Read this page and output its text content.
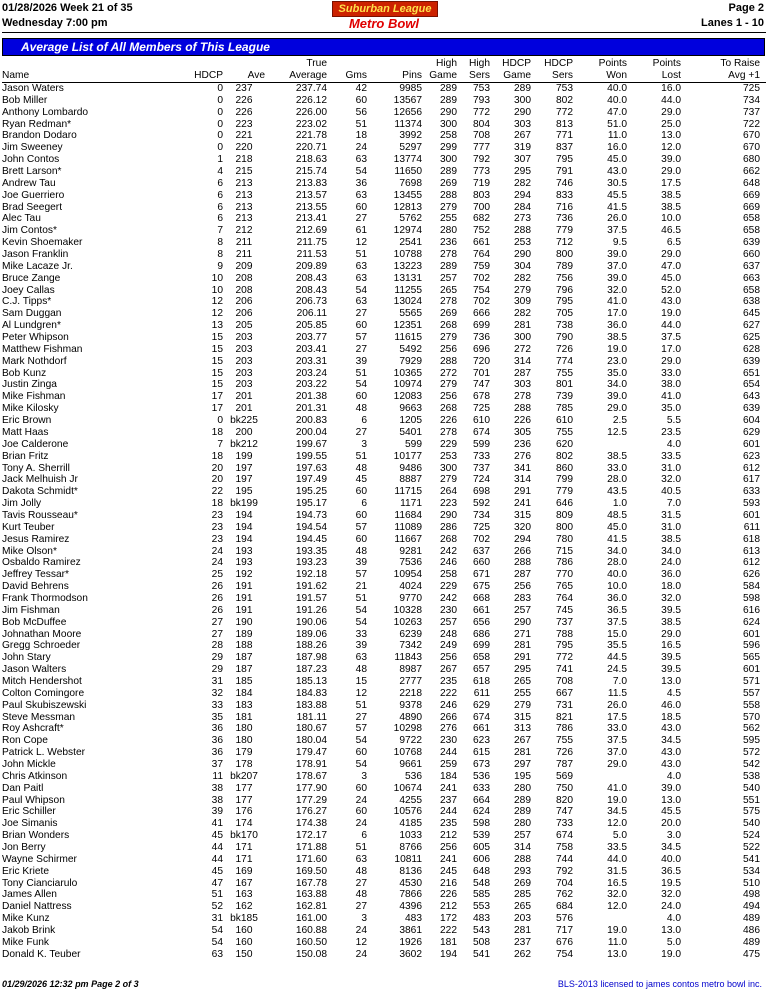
01/28/2026 Week 21 of 35
Wednesday 7:00 pm
Suburban League
Metro Bowl
Page 2
Lanes 1 - 10
Average List of All Members of This League
Name	HDCP	Ave	True
Average	Gms	Pins	High
Game	High
Sers	HDCP
Game	HDCP
Sers	Points
Won	Points
Lost	To Raise
Avg +1
Jason Waters	0	237	237.74	42	9985	289	753	289	753	40.0	16.0	725
Bob Miller	0	226	226.12	60	13567	289	793	300	802	40.0	44.0	734
Anthony Lombardo	0	226	226.00	56	12656	290	772	290	772	47.0	29.0	737
Ryan Redman*	0	223	223.02	51	11374	300	804	303	813	51.0	25.0	722
Brandon Dodaro	0	221	221.78	18	3992	258	708	267	771	11.0	13.0	670
Jim Sweeney	0	220	220.71	24	5297	299	777	319	837	16.0	12.0	670
John Contos	1	218	218.63	63	13774	300	792	307	795	45.0	39.0	680
Brett Larson*	4	215	215.74	54	11650	289	773	295	791	43.0	29.0	662
Andrew Tau	6	213	213.83	36	7698	269	719	282	746	30.5	17.5	648
Joe Guerriero	6	213	213.57	63	13455	288	803	294	833	45.5	38.5	669
Brad Seegert	6	213	213.55	60	12813	279	700	284	716	41.5	38.5	669
Alec Tau	6	213	213.41	27	5762	255	682	273	736	26.0	10.0	658
Jim Contos*	7	212	212.69	61	12974	280	752	288	779	37.5	46.5	658
Kevin Shoemaker	8	211	211.75	12	2541	236	661	253	712	9.5	6.5	639
Jason Franklin	8	211	211.53	51	10788	278	764	290	800	39.0	29.0	660
Mike Lacaze Jr.	9	209	209.89	63	13223	289	759	304	789	37.0	47.0	637
Bruce Zange	10	208	208.43	63	13131	257	702	282	756	39.0	45.0	663
Joey Callas	10	208	208.43	54	11255	265	754	279	796	32.0	52.0	658
C.J. Tipps*	12	206	206.73	63	13024	278	702	309	795	41.0	43.0	638
Sam Duggan	12	206	206.11	27	5565	269	666	282	705	17.0	19.0	645
Al Lundgren*	13	205	205.85	60	12351	268	699	281	738	36.0	44.0	627
Peter Whipson	15	203	203.77	57	11615	279	736	300	790	38.5	37.5	625
Matthew Fishman	15	203	203.41	27	5492	256	696	272	726	19.0	17.0	628
Mark Nothdorf	15	203	203.31	39	7929	288	720	314	774	23.0	29.0	639
Bob Kunz	15	203	203.24	51	10365	272	701	287	755	35.0	33.0	651
Justin Zinga	15	203	203.22	54	10974	279	747	303	801	34.0	38.0	654
Mike Fishman	17	201	201.38	60	12083	256	678	278	739	39.0	41.0	643
Mike Kilosky	17	201	201.31	48	9663	268	725	288	785	29.0	35.0	639
Eric Brown	0	bk225	200.83	6	1205	226	610	226	610	2.5	5.5	604
Matt Haas	18	200	200.04	27	5401	278	674	305	755	12.5	23.5	629
Joe Calderone	7	bk212	199.67	3	599	229	599	236	620		4.0	601
Brian Fritz	18	199	199.55	51	10177	253	733	276	802	38.5	33.5	623
Tony A. Sherrill	20	197	197.63	48	9486	300	737	341	860	33.0	31.0	612
Jack Melhuish Jr	20	197	197.49	45	8887	279	724	314	799	28.0	32.0	617
Dakota Schmidt*	22	195	195.25	60	11715	264	698	291	779	43.5	40.5	633
Jim Jolly	18	bk199	195.17	6	1171	223	592	241	646	1.0	7.0	593
Tavis Rousseau*	23	194	194.73	60	11684	290	734	315	809	48.5	31.5	601
Kurt Teuber	23	194	194.54	57	11089	286	725	320	800	45.0	31.0	611
Jesus Ramirez	23	194	194.45	60	11667	268	702	294	780	41.5	38.5	618
Mike Olson*	24	193	193.35	48	9281	242	637	266	715	34.0	34.0	613
Osbaldo Ramirez	24	193	193.23	39	7536	246	660	288	786	28.0	24.0	612
Jeffrey Tessar*	25	192	192.18	57	10954	258	671	287	770	40.0	36.0	626
David Behrens	26	191	191.62	21	4024	229	675	256	765	10.0	18.0	584
Frank Thormodson	26	191	191.57	51	9770	242	668	283	764	36.0	32.0	598
Jim Fishman	26	191	191.26	54	10328	230	661	257	745	36.5	39.5	616
Bob McDuffee	27	190	190.06	54	10263	257	656	290	737	37.5	38.5	624
Johnathan Moore	27	189	189.06	33	6239	248	686	271	788	15.0	29.0	601
Gregg Schroeder	28	188	188.26	39	7342	249	699	281	795	35.5	16.5	596
John Stary	29	187	187.98	63	11843	256	658	291	772	44.5	39.5	565
Jason Walters	29	187	187.23	48	8987	267	657	295	741	24.5	39.5	601
Mitch Hendershot	31	185	185.13	15	2777	235	618	265	708	7.0	13.0	571
Colton Comingore	32	184	184.83	12	2218	222	611	255	667	11.5	4.5	557
Paul Skubiszewski	33	183	183.88	51	9378	246	629	279	731	26.0	46.0	558
Steve Messman	35	181	181.11	27	4890	266	674	315	821	17.5	18.5	570
Roy Ashcraft*	36	180	180.67	57	10298	276	661	313	786	33.0	43.0	562
Ron Cope	36	180	180.04	54	9722	230	623	267	755	37.5	34.5	595
Patrick L. Webster	36	179	179.47	60	10768	244	615	281	726	37.0	43.0	572
John Mickle	37	178	178.91	54	9661	259	673	297	787	29.0	43.0	542
Chris Atkinson	11	bk207	178.67	3	536	184	536	195	569		4.0	538
Dan Paitl	38	177	177.90	60	10674	241	633	280	750	41.0	39.0	540
Paul Whipson	38	177	177.29	24	4255	237	664	289	820	19.0	13.0	551
Eric Schiller	39	176	176.27	60	10576	244	624	289	747	34.5	45.5	575
Joe Simanis	41	174	174.38	24	4185	235	598	280	733	12.0	20.0	540
Brian Wonders	45	bk170	172.17	6	1033	212	539	257	674	5.0	3.0	524
Jon Berry	44	171	171.88	51	8766	256	605	314	758	33.5	34.5	522
Wayne Schirmer	44	171	171.60	63	10811	241	606	288	744	44.0	40.0	541
Eric Kriete	45	169	169.50	48	8136	245	648	293	792	31.5	36.5	534
Tony Cianciarulo	47	167	167.78	27	4530	216	548	269	704	16.5	19.5	510
James Allen	51	163	163.88	48	7866	226	585	285	762	32.0	32.0	498
Daniel Nattress	52	162	162.81	27	4396	212	553	265	684	12.0	24.0	494
Mike Kunz	31	bk185	161.00	3	483	172	483	203	576		4.0	489
Jakob Brink	54	160	160.88	24	3861	222	543	281	717	19.0	13.0	486
Mike Funk	54	160	160.50	12	1926	181	508	237	676	11.0	5.0	489
Donald K. Teuber	63	150	150.08	24	3602	194	541	262	754	13.0	19.0	475
01/29/2026 12:32 pm Page 2 of 3	BLS-2013 licensed to james contos metro bowl inc.
